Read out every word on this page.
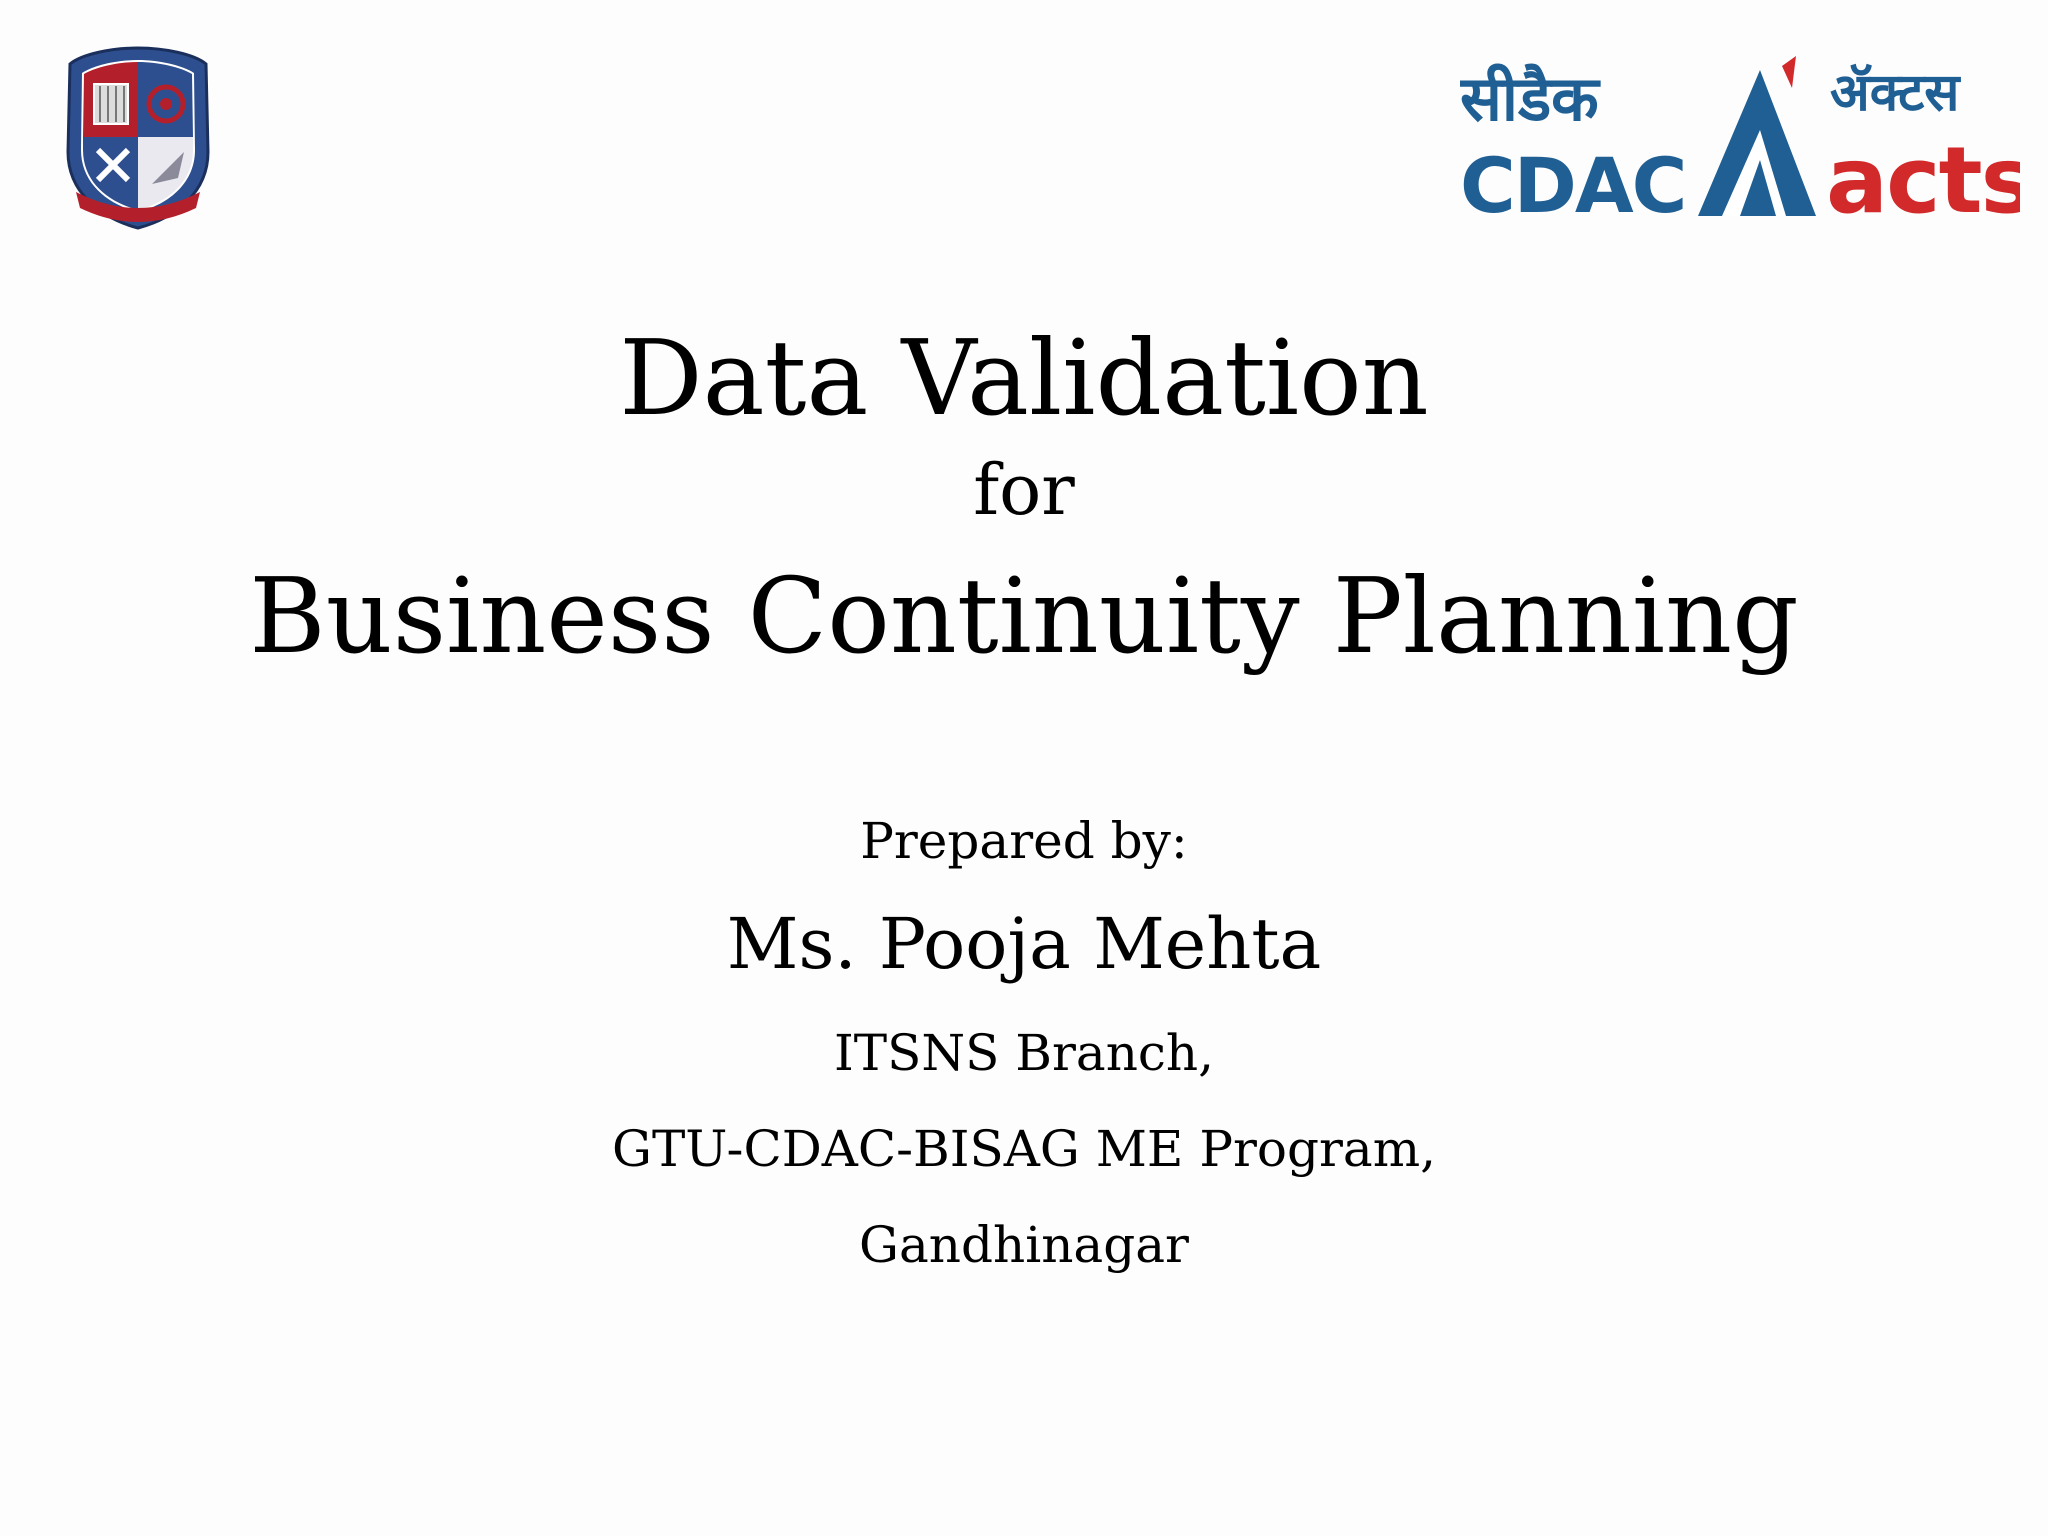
सीडैक
CDAC
ॲक्टस
acts
Data Validation
for
Business Continuity Planning
Prepared by:
Ms. Pooja Mehta
ITSNS Branch,
GTU-CDAC-BISAG ME Program,
Gandhinagar
